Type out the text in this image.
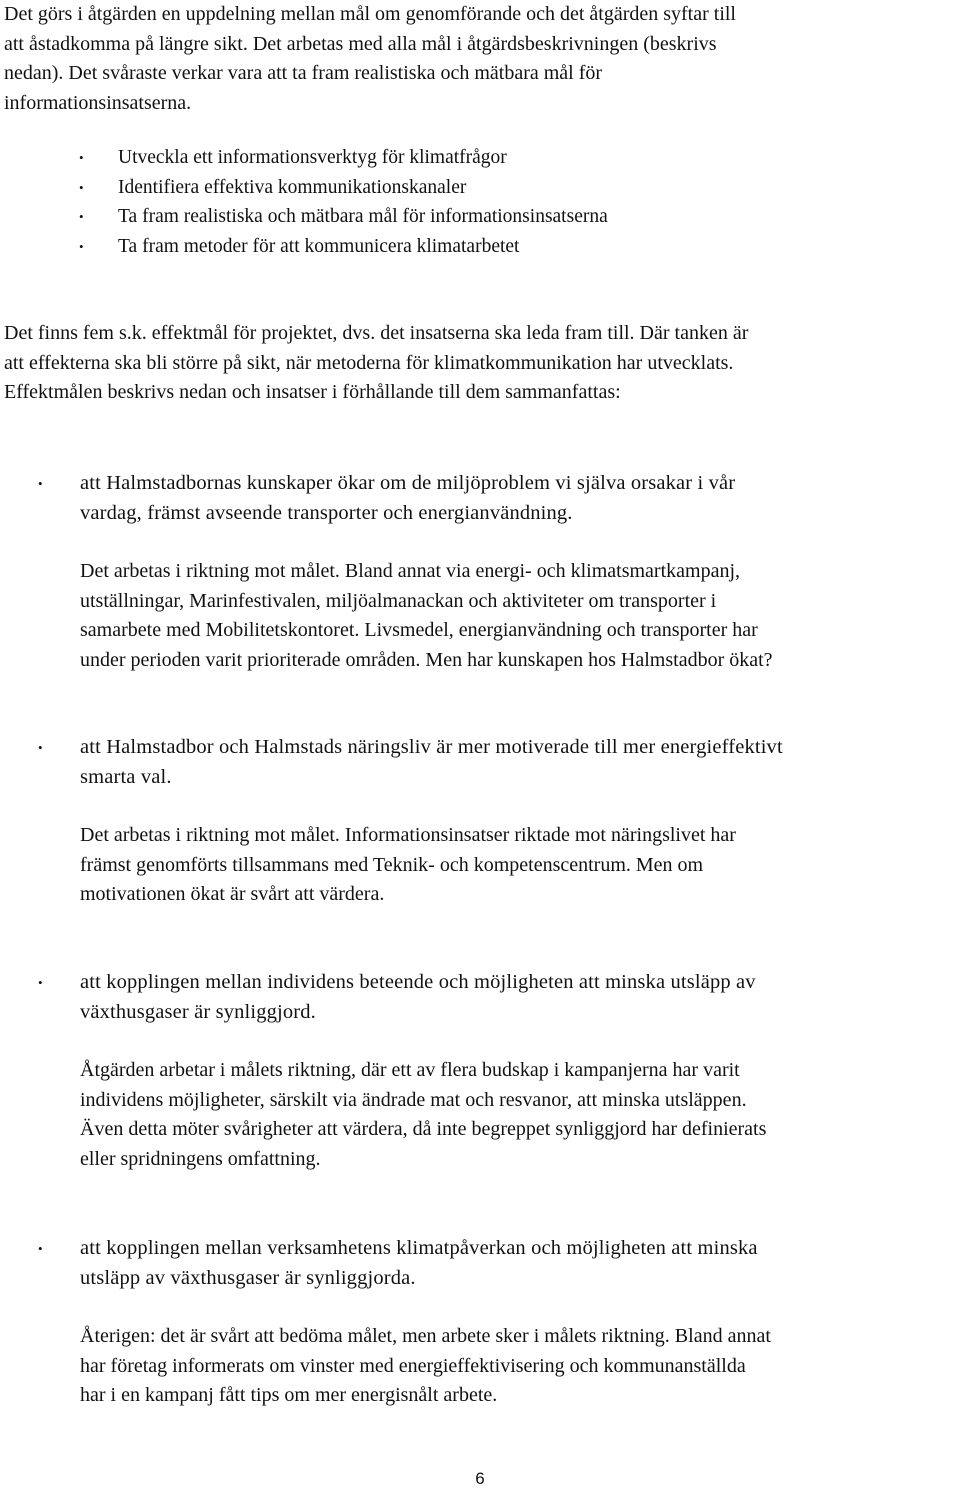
Det görs i åtgärden en uppdelning mellan mål om genomförande och det åtgärden syftar till
att åstadkomma på längre sikt. Det arbetas med alla mål i åtgärdsbeskrivningen (beskrivs
nedan). Det svåraste verkar vara att ta fram realistiska och mätbara mål för
informationsinsatserna.
• Utveckla ett informationsverktyg för klimatfrågor
• Identifiera effektiva kommunikationskanaler
• Ta fram realistiska och mätbara mål för informationsinsatserna
• Ta fram metoder för att kommunicera klimatarbetet
Det finns fem s.k. effektmål för projektet, dvs. det insatserna ska leda fram till. Där tanken är
att effekterna ska bli större på sikt, när metoderna för klimatkommunikation har utvecklats.
Effektmålen beskrivs nedan och insatser i förhållande till dem sammanfattas:
• att Halmstadbornas kunskaper ökar om de miljöproblem vi själva orsakar i vår
vardag, främst avseende transporter och energianvändning.
Det arbetas i riktning mot målet. Bland annat via energi- och klimatsmartkampanj,
utställningar, Marinfestivalen, miljöalmanackan och aktiviteter om transporter i
samarbete med Mobilitetskontoret. Livsmedel, energianvändning och transporter har
under perioden varit prioriterade områden. Men har kunskapen hos Halmstadbor ökat?
• att Halmstadbor och Halmstads näringsliv är mer motiverade till mer energieffektivt
smarta val.
Det arbetas i riktning mot målet. Informationsinsatser riktade mot näringslivet har
främst genomförts tillsammans med Teknik- och kompetenscentrum. Men om
motivationen ökat är svårt att värdera.
• att kopplingen mellan individens beteende och möjligheten att minska utsläpp av
växthusgaser är synliggjord.
Åtgärden arbetar i målets riktning, där ett av flera budskap i kampanjerna har varit
individens möjligheter, särskilt via ändrade mat och resvanor, att minska utsläppen.
Även detta möter svårigheter att värdera, då inte begreppet synliggjord har definierats
eller spridningens omfattning.
• att kopplingen mellan verksamhetens klimatpåverkan och möjligheten att minska
utsläpp av växthusgaser är synliggjorda.
Återigen: det är svårt att bedöma målet, men arbete sker i målets riktning. Bland annat
har företag informerats om vinster med energieffektivisering och kommunanställda
har i en kampanj fått tips om mer energisnålt arbete.
6
